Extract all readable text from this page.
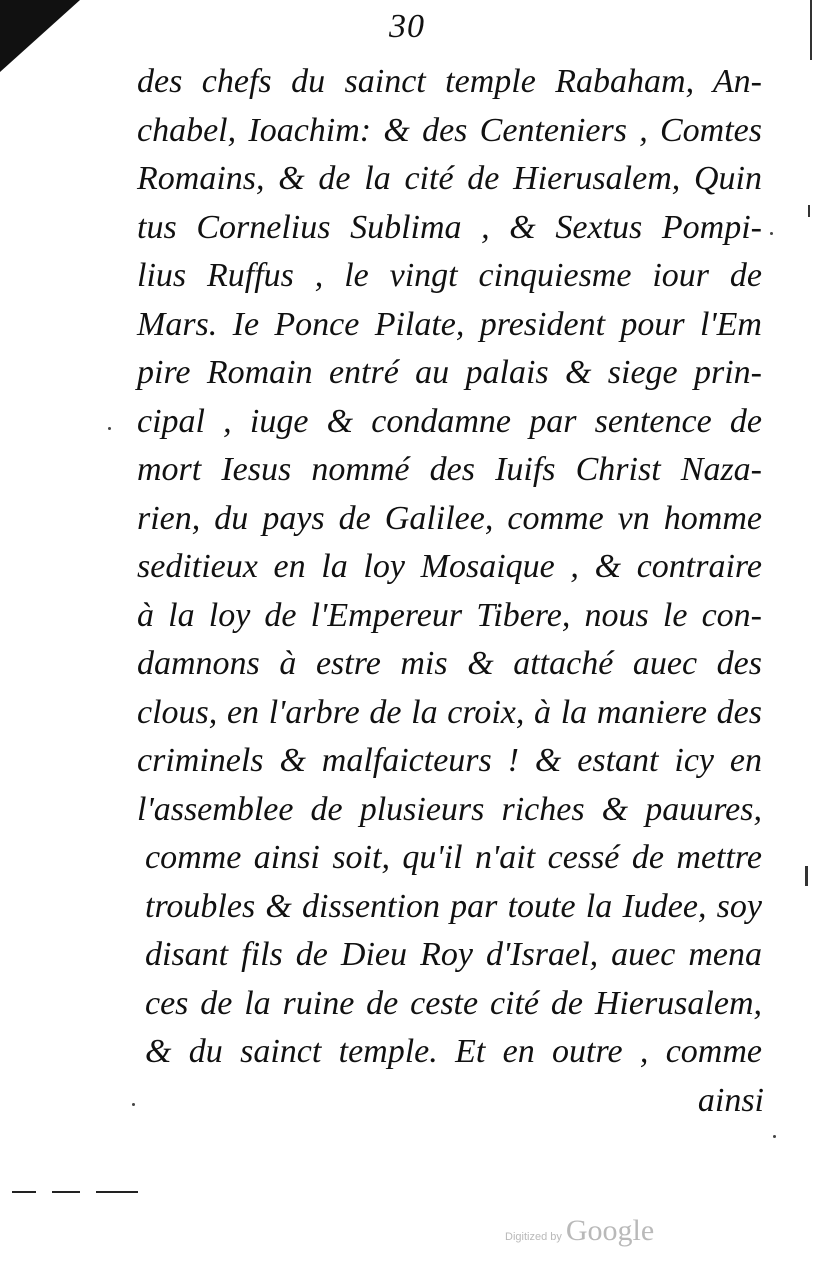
30
des chefs du sainct temple Rabaham, An-
chabel, Ioachim: & des Centeniers , Comtes
Romains, & de la cité de Hierusalem, Quin
tus Cornelius Sublima , & Sextus Pompi-
lius Ruffus , le vingt cinquiesme iour de
Mars. Ie Ponce Pilate, president pour l'Em
pire Romain entré au palais & siege prin-
cipal , iuge & condamne par sentence de
mort Iesus nommé des Iuifs Christ Naza-
rien, du pays de Galilee, comme vn homme
seditieux en la loy Mosaique , & contraire
à la loy de l'Empereur Tibere, nous le con-
damnons à estre mis & attaché auec des
clous, en l'arbre de la croix, à la maniere des
criminels & malfaicteurs ! & estant icy en
l'assemblee de plusieurs riches & pauures,
comme ainsi soit, qu'il n'ait cessé de mettre
troubles & dissention par toute la Iudee, soy
disant fils de Dieu Roy d'Israel, auec mena
ces de la ruine de ceste cité de Hierusalem,
& du sainct temple. Et en outre , comme
ainsi
Digitized by Google
